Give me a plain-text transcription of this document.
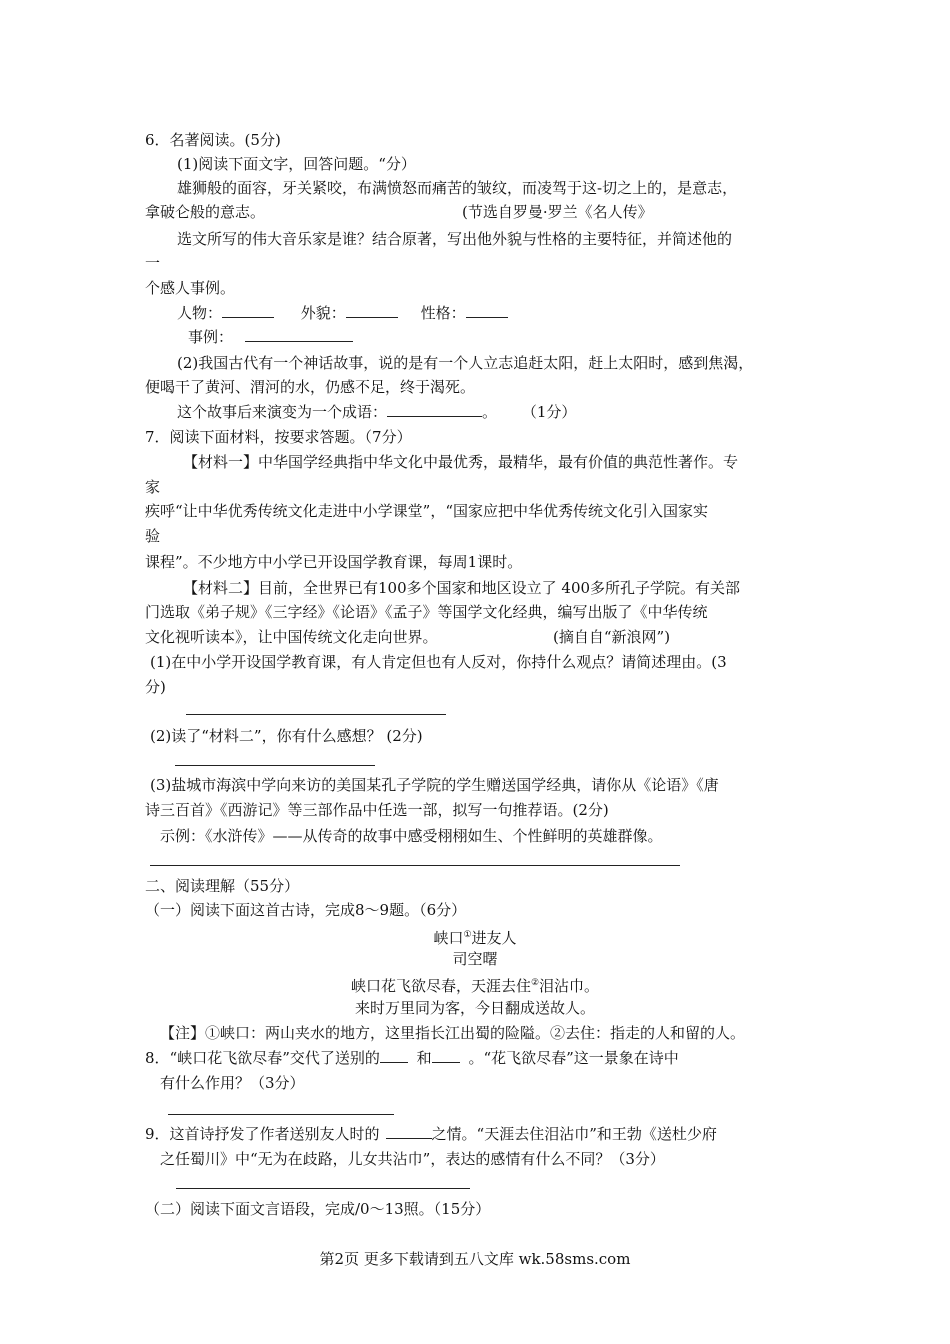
6．名著阅读。(5分)
(1)阅读下面文字，回答问题。“分）
雄狮般的面容，牙关紧咬，布满愤怒而痛苦的皱纹，而凌驾于这-切之上的，是意志，
拿破仑般的意志。	(节选自罗曼·罗兰《名人传》
选文所写的伟大音乐家是谁？结合原著，写出他外貌与性格的主要特征，并简述他的
一
个感人事例。
人物：	外貌：	性格：
事例：
(2)我国古代有一个神话故事，说的是有一个人立志追赶太阳，赶上太阳时，感到焦渴，
便喝干了黄河、渭河的水，仍感不足，终于渴死。
这个故事后来演变为一个成语：	。 （1分）
7．阅读下面材料，按要求答题。（7分）
【材料一】中华国学经典指中华文化中最优秀，最精华，最有价值的典范性著作。专
家
疾呼“让中华优秀传统文化走进中小学课堂”，“国家应把中华优秀传统文化引入国家实
验
课程”。不少地方中小学已开设国学教育课，每周1课时。
【材料二】目前，全世界已有100多个国家和地区设立了 400多所孔子学院。有关部
门选取《弟子规》《三字经》《论语》《孟子》等国学文化经典，编写出版了《中华传统
文化视听读本》，让中国传统文化走向世界。	(摘自自“新浪网”)
(1)在中小学开设国学教育课，有人肯定但也有人反对，你持什么观点？请简述理由。(3
分)
(2)读了“材料二”，你有什么感想？ (2分)
(3)盐城市海滨中学向来访的美国某孔子学院的学生赠送国学经典，请你从《论语》《唐
诗三百首》《西游记》等三部作品中任选一部，拟写一句推荐语。(2分)
示例：《水浒传》——从传奇的故事中感受栩栩如生、个性鲜明的英雄群像。
二、阅读理解（55分）
（一）阅读下面这首古诗，完成8～9题。（6分）
峡口①进友人
司空曙
峡口花飞欲尽春，天涯去住②泪沾巾。
来时万里同为客，今日翻成送故人。
【注】①峡口：两山夹水的地方，这里指长江出蜀的险隘。②去住：指走的人和留的人。
8．“峡口花飞欲尽春”交代了送别的 和 。“花飞欲尽春”这一景象在诗中
有什么作用？（3分）
9．这首诗抒发了作者送别友人时的	之情。“天涯去住泪沾巾”和王勃《送杜少府
之任蜀川》中“无为在歧路，儿女共沾巾”，表达的感情有什么不同？（3分）
（二）阅读下面文言语段，完成/0～13照。（15分）
第2页 更多下载请到五八文库 wk.58sms.com
